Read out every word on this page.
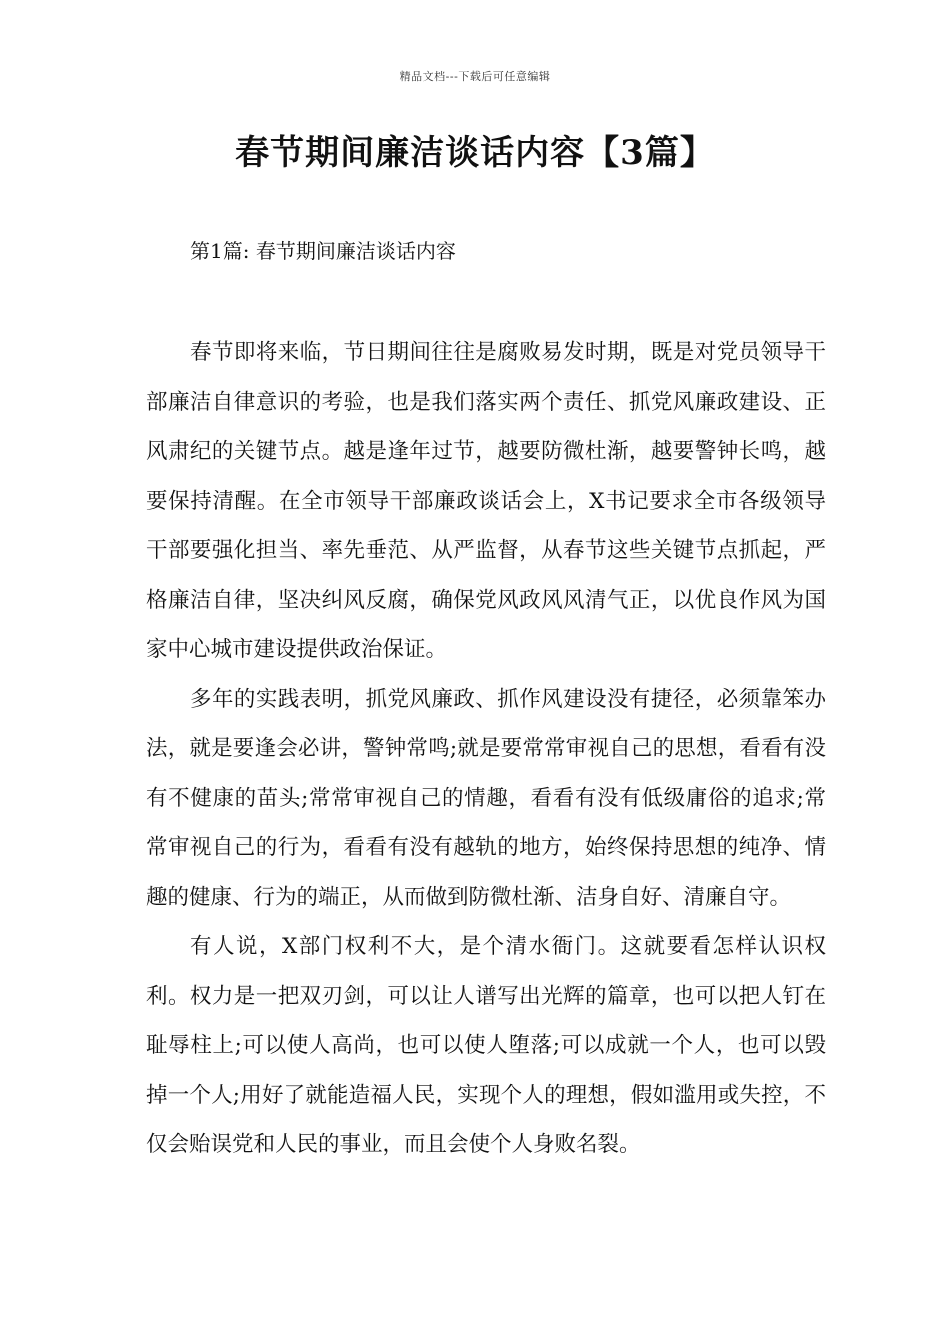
精品文档---下载后可任意编辑
春节期间廉洁谈话内容【3篇】
第1篇: 春节期间廉洁谈话内容

春节即将来临，节日期间往往是腐败易发时期，既是对党员领导干部廉洁自律意识的考验，也是我们落实两个责任、抓党风廉政建设、正风肃纪的关键节点。越是逢年过节，越要防微杜渐，越要警钟长鸣，越要保持清醒。在全市领导干部廉政谈话会上，X书记要求全市各级领导干部要强化担当、率先垂范、从严监督，从春节这些关键节点抓起，严格廉洁自律，坚决纠风反腐，确保党风政风风清气正，以优良作风为国家中心城市建设提供政治保证。

多年的实践表明，抓党风廉政、抓作风建设没有捷径，必须靠笨办法，就是要逢会必讲，警钟常鸣;就是要常常审视自己的思想，看看有没有不健康的苗头;常常审视自己的情趣，看看有没有低级庸俗的追求;常常审视自己的行为，看看有没有越轨的地方，始终保持思想的纯净、情趣的健康、行为的端正，从而做到防微杜渐、洁身自好、清廉自守。

有人说，X部门权利不大，是个清水衙门。这就要看怎样认识权利。权力是一把双刃剑，可以让人谱写出光辉的篇章，也可以把人钉在耻辱柱上;可以使人高尚，也可以使人堕落;可以成就一个人，也可以毁掉一个人;用好了就能造福人民，实现个人的理想，假如滥用或失控，不仅会贻误党和人民的事业，而且会使个人身败名裂。
